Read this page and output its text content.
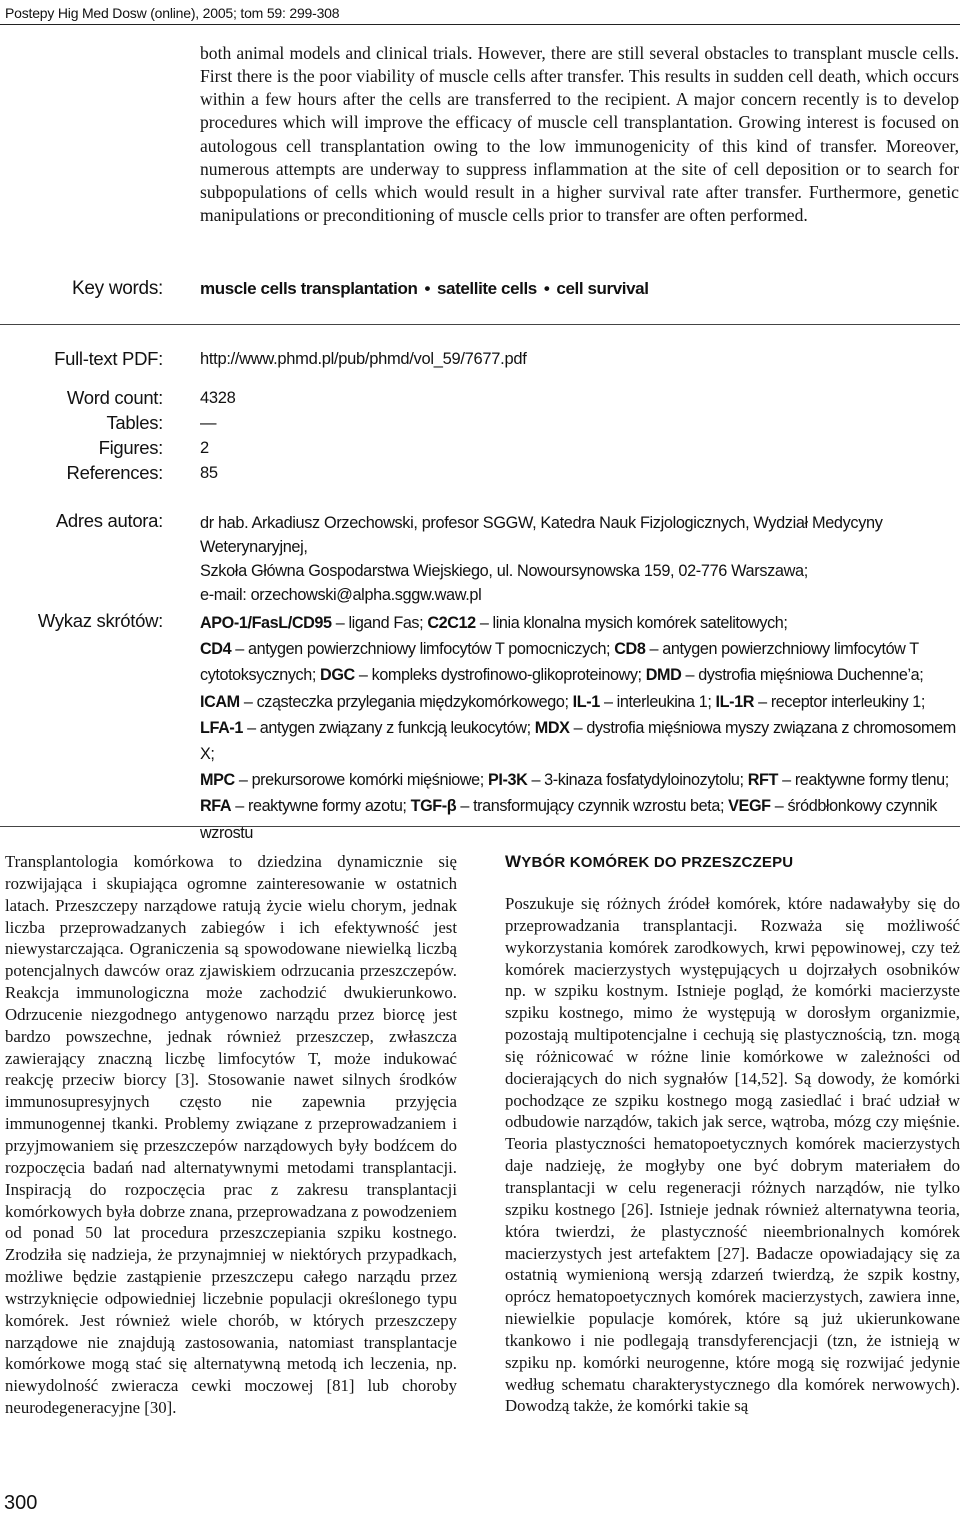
Postepy Hig Med Dosw (online), 2005; tom 59: 299-308

both animal models and clinical trials. However, there are still several obstacles to transplant muscle cells. First there is the poor viability of muscle cells after transfer. This results in sudden cell death, which occurs within a few hours after the cells are transferred to the recipient. A major concern recently is to develop procedures which will improve the efficacy of muscle cell transplantation. Growing interest is focused on autologous cell transplantation owing to the low immunogenicity of this kind of transfer. Moreover, numerous attempts are underway to suppress inflammation at the site of cell deposition or to search for subpopulations of cells which would result in a higher survival rate after transfer. Furthermore, genetic manipulations or preconditioning of muscle cells prior to transfer are often performed.

Key words: muscle cells transplantation • satellite cells • cell survival
Full-text PDF: http://www.phmd.pl/pub/phmd/vol_59/7677.pdf
Word count: 4328
Tables: —
Figures: 2
References: 85
Adres autora: dr hab. Arkadiusz Orzechowski, profesor SGGW, Katedra Nauk Fizjologicznych, Wydział Medycyny Weterynaryjnej,
Szkoła Główna Gospodarstwa Wiejskiego, ul. Nowoursynowska 159, 02-776 Warszawa;
e-mail: orzechowski@alpha.sggw.waw.pl
Wykaz skrótów: APO-1/FasL/CD95 – ligand Fas; C2C12 – linia klonalna mysich komórek satelitowych;
CD4 – antygen powierzchniowy limfocytów T pomocniczych; CD8 – antygen powierzchniowy limfocytów T cytotoksycznych; DGC – kompleks dystrofinowo-glikoproteinowy; DMD – dystrofia mięśniowa Duchenne’a;
ICAM – cząsteczka przylegania międzykomórkowego; IL-1 – interleukina 1; IL-1R – receptor interleukiny 1;
LFA-1 – antygen związany z funkcją leukocytów; MDX – dystrofia mięśniowa myszy związana z chromosomem X;
MPC – prekursorowe komórki mięśniowe; PI-3K – 3-kinaza fosfatydyloinozytolu; RFT – reaktywne formy tlenu;
RFA – reaktywne formy azotu; TGF-β – transformujący czynnik wzrostu beta; VEGF – śródbłonkowy czynnik wzrostu

Transplantologia komórkowa to dziedzina dynamicznie się rozwijająca i skupiająca ogromne zainteresowanie w ostatnich latach. Przeszczepy narządowe ratują życie wielu chorym, jednak liczba przeprowadzanych zabiegów i ich efektywność jest niewystarczająca. Ograniczenia są spowodowane niewielką liczbą potencjalnych dawców oraz zjawiskiem odrzucania przeszczepów. Reakcja immunologiczna może zachodzić dwukierunkowo. Odrzucenie niezgodnego antygenowo narządu przez biorcę jest bardzo powszechne, jednak również przeszczep, zwłaszcza zawierający znaczną liczbę limfocytów T, może indukować reakcję przeciw biorcy [3]. Stosowanie nawet silnych środków immunosupresyjnych często nie zapewnia przyjęcia immunogennej tkanki. Problemy związane z przeprowadzaniem i przyjmowaniem się przeszczepów narządowych były bodźcem do rozpoczęcia badań nad alternatywnymi metodami transplantacji. Inspiracją do rozpoczęcia prac z zakresu transplantacji komórkowych była dobrze znana, przeprowadzana z powodzeniem od ponad 50 lat procedura przeszczepiania szpiku kostnego. Zrodziła się nadzieja, że przynajmniej w niektórych przypadkach, możliwe będzie zastąpienie przeszczepu całego narządu przez wstrzyknięcie odpowiedniej liczebnie populacji określonego typu komórek. Jest również wiele chorób, w których przeszczepy narządowe nie znajdują zastosowania, natomiast transplantacje komórkowe mogą stać się alternatywną metodą ich leczenia, np. niewydolność zwieracza cewki moczowej [81] lub choroby neurodegeneracyjne [30].

WYBÓR KOMÓREK DO PRZESZCZEPU

Poszukuje się różnych źródeł komórek, które nadawałyby się do przeprowadzania transplantacji. Rozważa się możliwość wykorzystania komórek zarodkowych, krwi pępowinowej, czy też komórek macierzystych występujących u dojrzałych osobników np. w szpiku kostnym. Istnieje pogląd, że komórki macierzyste szpiku kostnego, mimo że występują w dorosłym organizmie, pozostają multipotencjalne i cechują się plastycznością, tzn. mogą się różnicować w różne linie komórkowe w zależności od docierających do nich sygnałów [14,52]. Są dowody, że komórki pochodzące ze szpiku kostnego mogą zasiedlać i brać udział w odbudowie narządów, takich jak serce, wątroba, mózg czy mięśnie. Teoria plastyczności hematopoetycznych komórek macierzystych daje nadzieję, że mogłyby one być dobrym materiałem do transplantacji w celu regeneracji różnych narządów, nie tylko szpiku kostnego [26]. Istnieje jednak również alternatywna teoria, która twierdzi, że plastyczność nieembrionalnych komórek macierzystych jest artefaktem [27]. Badacze opowiadający się za ostatnią wymienioną wersją zdarzeń twierdzą, że szpik kostny, oprócz hematopoetycznych komórek macierzystych, zawiera inne, niewielkie populacje komórek, które są już ukierunkowane tkankowo i nie podlegają transdyferencjacji (tzn, że istnieją w szpiku np. komórki neurogenne, które mogą się rozwijać jedynie według schematu charakterystycznego dla komórek nerwowych). Dowodzą także, że komórki takie są

300
